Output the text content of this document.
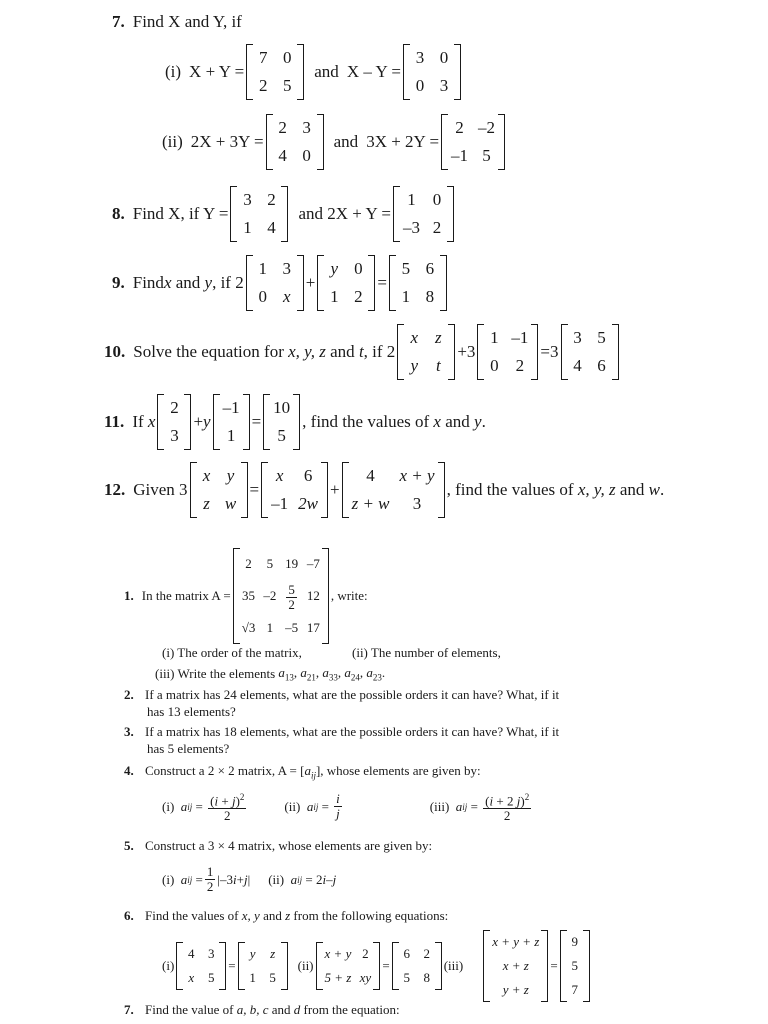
7. Find X and Y, if
(i) X + Y =
7	0
2	5
and X – Y =
3	0
0	3
(ii) 2X + 3Y =
2	3
4	0
and 3X + 2Y =
2	–2
–1	5
8. Find X, if Y =
3	2
1	4
and 2X + Y =
1	0
–3	2
9. Find x and y , if 2
1	3
0	x
+
y	0
1	2
=
5	6
1	8
10. Solve the equation for x, y, z and t , if 2
x	z
y	t
+3
1	–1
0	2
=3
3	5
4	6
11. If x
2
3
+ y
–1
1
=
10
5
, find the values of x and y .
12. Given 3
x	y
z	w
=
x	6
–1	2w
+
4	x + y
z + w	3
, find the values of x, y, z and w .
1. In the matrix A =
2	5	19	–7
35	–2	$\frac{5}{2}$	12
√3	1	–5	17
, write:
(i) The order of the matrix,	(ii) The number of elements,
(iii) Write the elements
$a_{13}$, $a_{21}$, $a_{33}$, $a_{24}$, $a_{23}$.
2. If a matrix has 24 elements, what are the possible orders it can have? What, if it
has 13 elements?
3. If a matrix has 18 elements, what are the possible orders it can have? What, if it
has 5 elements?
4. Construct a 2 × 2 matrix, $A = [a_{ij}]$, whose elements are given by:
(i)
a ij = $\frac{(i + j)^2}{2}$	(ii)
a ij = $\frac{i}{j}$	(iii)
a ij = $\frac{(i + 2 j)^2}{2}$
5. Construct a 3 × 4 matrix, whose elements are given by:
(i)
a ij = $\frac{1}{2} |-3$ i + j | (ii)
a ij = 2 i – j
6. Find the values of x, y and z from the following equations:
(i)
4	3
x	5
=
y	z
1	5
(ii)
x + y	2
5 + z	xy
=
6	2
5	8
(iii)
x + y + z
x + z
y + z
=
9
5
7
7. Find the value of a, b, c and d from the equation:
